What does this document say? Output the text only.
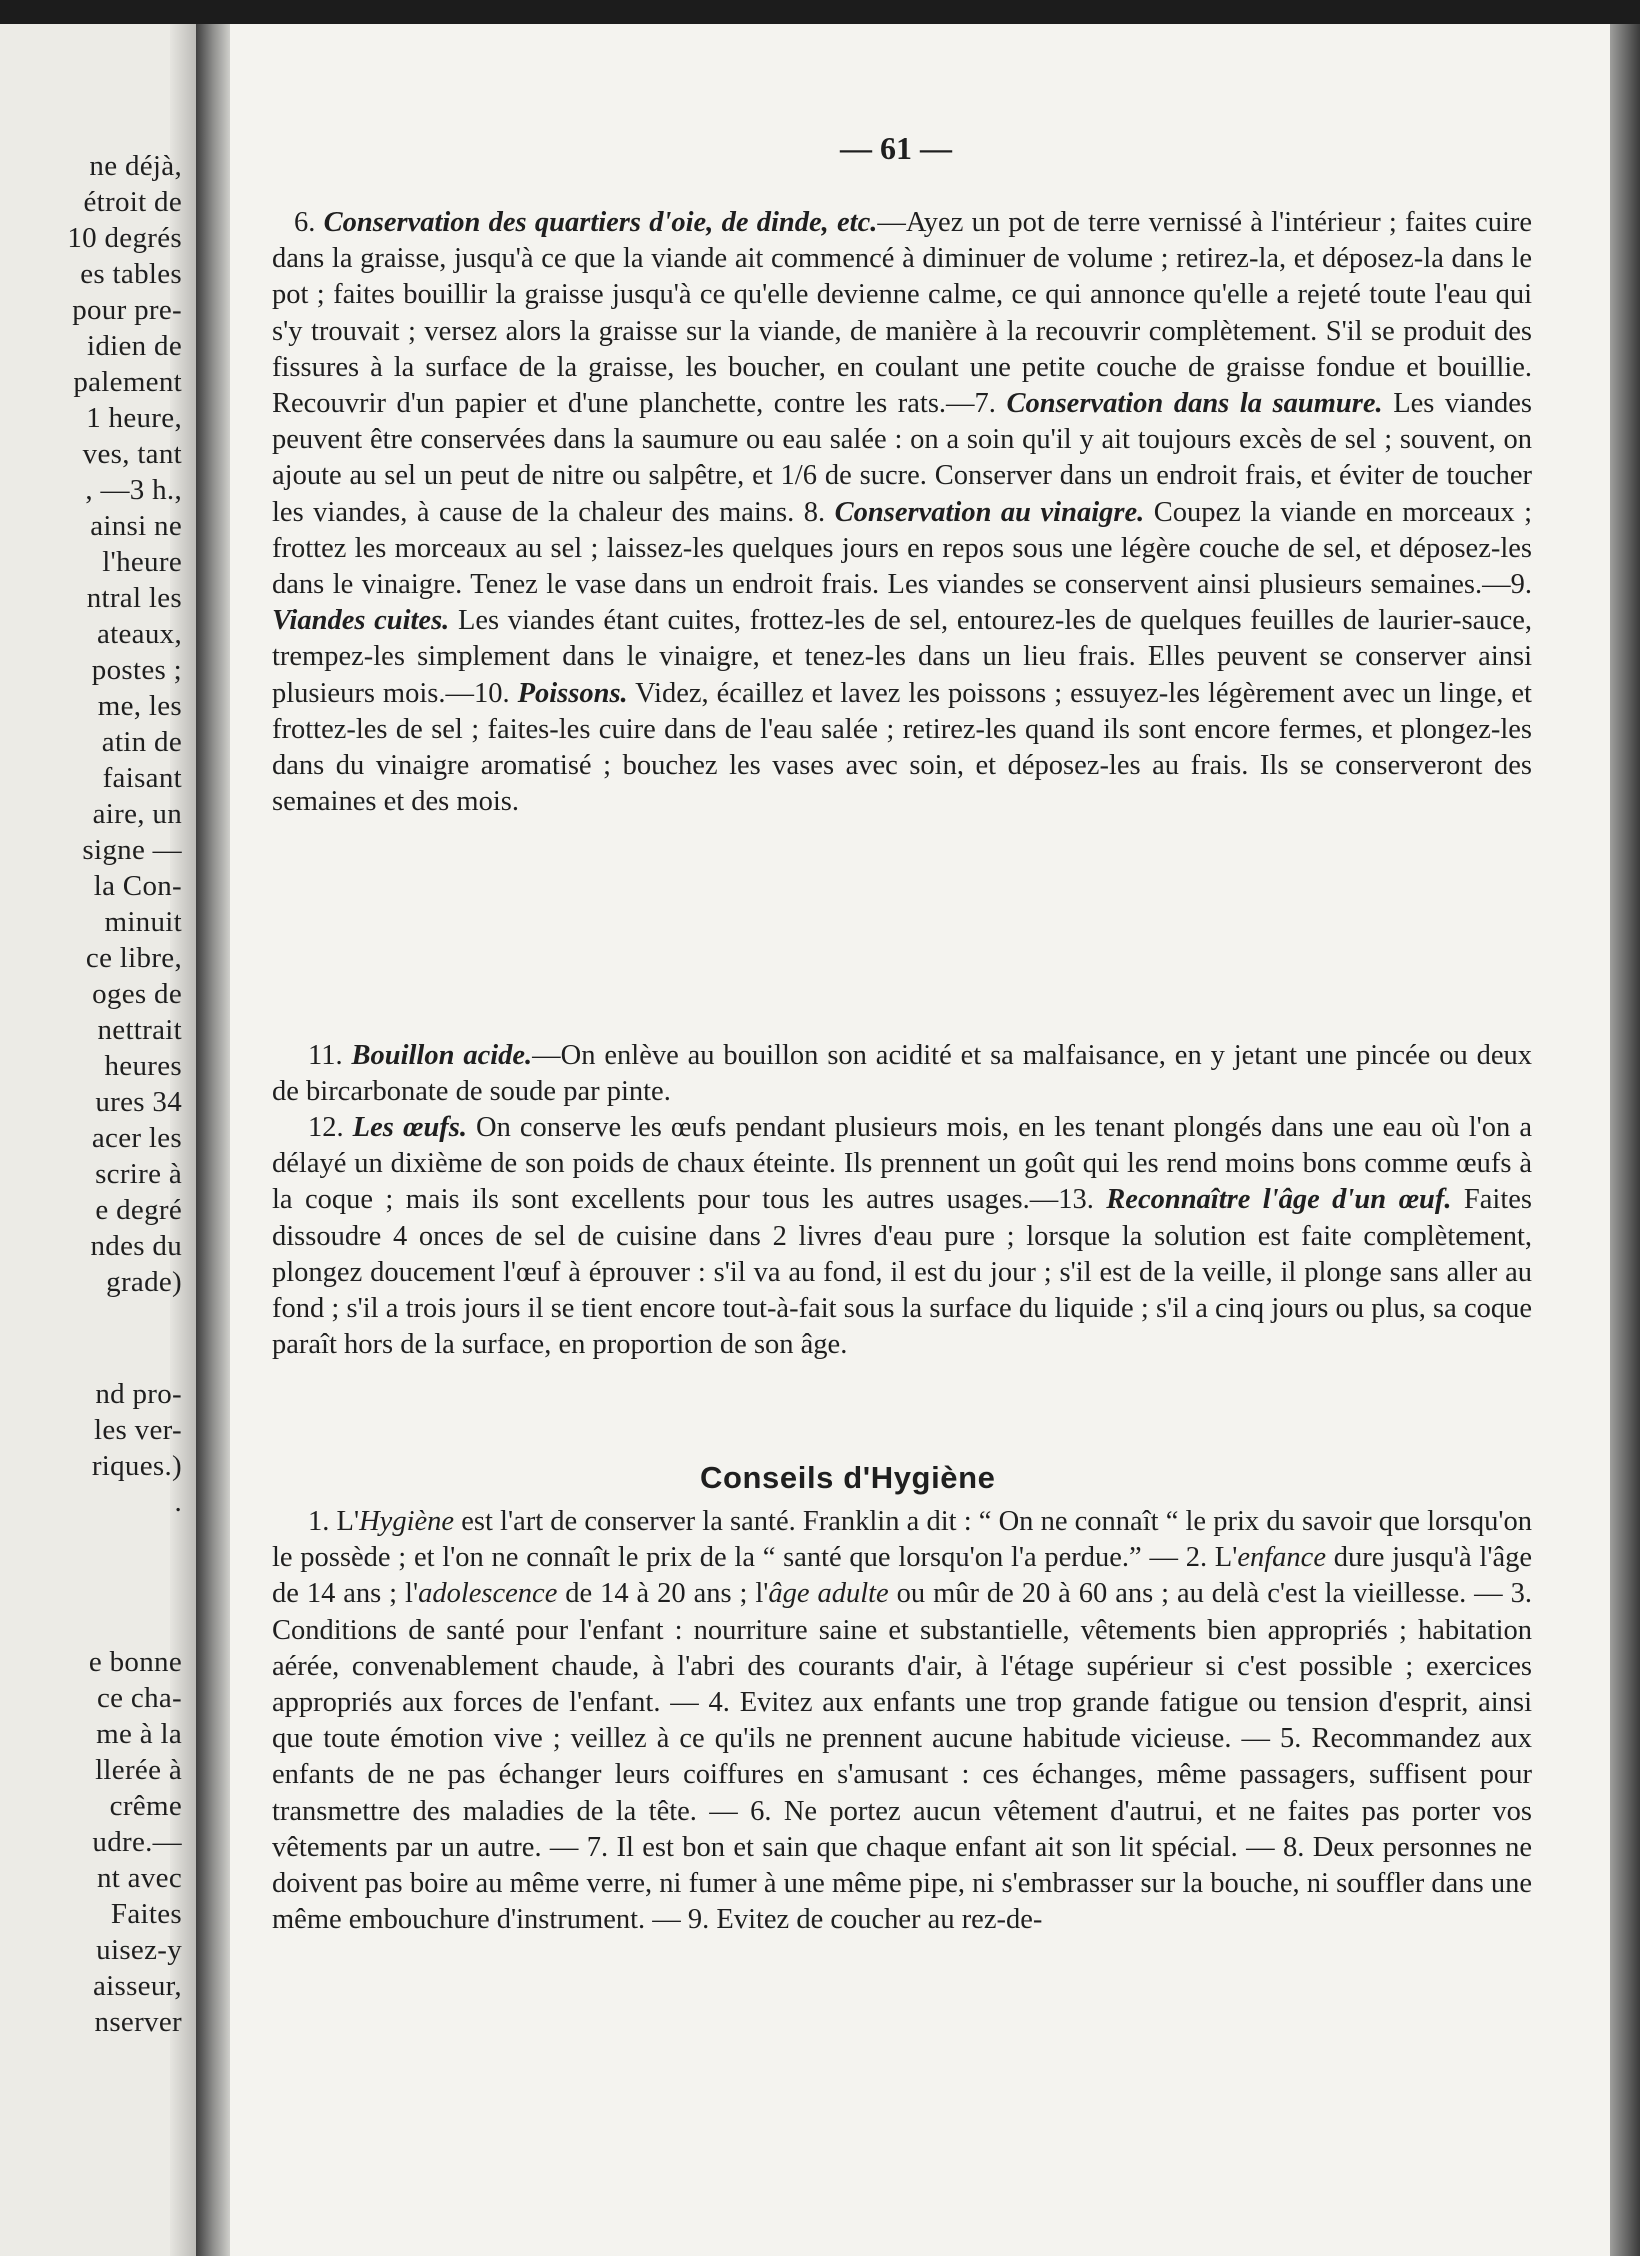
ne déjà,
étroit de
10 degrés
es tables
pour pre-
idien de
palement
1 heure,
ves, tant
, —3 h.,
ainsi ne
l'heure
ntral les
ateaux,
postes ;
me, les
atin de
faisant
aire, un
signe —
la Con-
minuit
ce libre,
oges de
nettrait
heures
ures 34
acer les
scrire à
e degré
ndes du
grade)
nd pro-
les ver-
riques.)
.
e bonne
ce cha-
me à la
llerée à
crême
udre.—
nt avec
Faites
uisez-y
aisseur,
nserver
— 61 —
6. Conservation des quartiers d'oie, de dinde, etc.—Ayez un pot de terre vernissé à l'intérieur ; faites cuire dans la graisse, jusqu'à ce que la viande ait commencé à diminuer de volume ; retirez-la, et déposez-la dans le pot ; faites bouillir la graisse jusqu'à ce qu'elle devienne calme, ce qui annonce qu'elle a rejeté toute l'eau qui s'y trouvait ; versez alors la graisse sur la viande, de manière à la recouvrir complètement. S'il se produit des fissures à la surface de la graisse, les boucher, en coulant une petite couche de graisse fondue et bouillie. Recouvrir d'un papier et d'une planchette, contre les rats.—7. Conservation dans la saumure. Les viandes peuvent être conservées dans la saumure ou eau salée : on a soin qu'il y ait toujours excès de sel ; souvent, on ajoute au sel un peut de nitre ou salpêtre, et 1/6 de sucre. Conserver dans un endroit frais, et éviter de toucher les viandes, à cause de la chaleur des mains. 8. Conservation au vinaigre. Coupez la viande en morceaux ; frottez les morceaux au sel ; laissez-les quelques jours en repos sous une légère couche de sel, et déposez-les dans le vinaigre. Tenez le vase dans un endroit frais. Les viandes se conservent ainsi plusieurs semaines.—9. Viandes cuites. Les viandes étant cuites, frottez-les de sel, entourez-les de quelques feuilles de laurier-sauce, trempez-les simplement dans le vinaigre, et tenez-les dans un lieu frais. Elles peuvent se conserver ainsi plusieurs mois.—10. Poissons. Videz, écaillez et lavez les poissons ; essuyez-les légèrement avec un linge, et frottez-les de sel ; faites-les cuire dans de l'eau salée ; retirez-les quand ils sont encore fermes, et plongez-les dans du vinaigre aromatisé ; bouchez les vases avec soin, et déposez-les au frais. Ils se conserveront des semaines et des mois.
11. Bouillon acide.—On enlève au bouillon son acidité et sa malfaisance, en y jetant une pincée ou deux de bircarbonate de soude par pinte.
12. Les œufs. On conserve les œufs pendant plusieurs mois, en les tenant plongés dans une eau où l'on a délayé un dixième de son poids de chaux éteinte. Ils prennent un goût qui les rend moins bons comme œufs à la coque ; mais ils sont excellents pour tous les autres usages.—13. Reconnaître l'âge d'un œuf. Faites dissoudre 4 onces de sel de cuisine dans 2 livres d'eau pure ; lorsque la solution est faite complètement, plongez doucement l'œuf à éprouver : s'il va au fond, il est du jour ; s'il est de la veille, il plonge sans aller au fond ; s'il a trois jours il se tient encore tout-à-fait sous la surface du liquide ; s'il a cinq jours ou plus, sa coque paraît hors de la surface, en proportion de son âge.
Conseils d'Hygiène
1. L'Hygiène est l'art de conserver la santé. Franklin a dit : “ On ne connaît “ le prix du savoir que lorsqu'on le possède ; et l'on ne connaît le prix de la “ santé que lorsqu'on l'a perdue.” — 2. L'enfance dure jusqu'à l'âge de 14 ans ; l'adolescence de 14 à 20 ans ; l'âge adulte ou mûr de 20 à 60 ans ; au delà c'est la vieillesse. — 3. Conditions de santé pour l'enfant : nourriture saine et substantielle, vêtements bien appropriés ; habitation aérée, convenablement chaude, à l'abri des courants d'air, à l'étage supérieur si c'est possible ; exercices appropriés aux forces de l'enfant. — 4. Evitez aux enfants une trop grande fatigue ou tension d'esprit, ainsi que toute émotion vive ; veillez à ce qu'ils ne prennent aucune habitude vicieuse. — 5. Recommandez aux enfants de ne pas échanger leurs coiffures en s'amusant : ces échanges, même passagers, suffisent pour transmettre des maladies de la tête. — 6. Ne portez aucun vêtement d'autrui, et ne faites pas porter vos vêtements par un autre. — 7. Il est bon et sain que chaque enfant ait son lit spécial. — 8. Deux personnes ne doivent pas boire au même verre, ni fumer à une même pipe, ni s'embrasser sur la bouche, ni souffler dans une même embouchure d'instrument. — 9. Evitez de coucher au rez-de-
